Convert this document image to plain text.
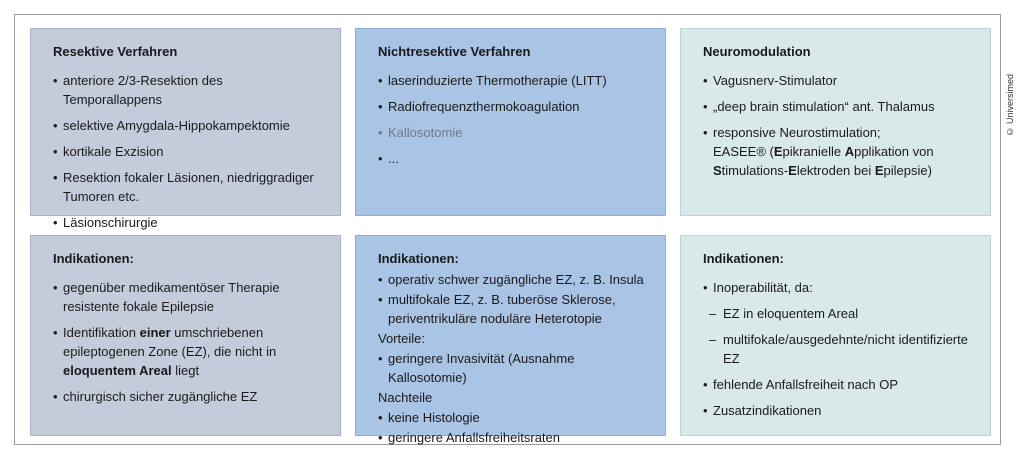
Resektive Verfahren
• anteriore 2/3-Resektion des Temporallappens
• selektive Amygdala-Hippokampektomie
• kortikale Exzision
• Resektion fokaler Läsionen, niedriggradiger Tumoren etc.
• Läsionschirurgie
Nichtresektive Verfahren
• laserinduzierte Thermotherapie (LITT)
• Radiofrequenzthermokoagulation
• Kallosotomie
• ...
Neuromodulation
• Vagusnerv-Stimulator
• „deep brain stimulation“ ant. Thalamus
• responsive Neurostimulation;
EASEE® (Epikranielle Applikation von
Stimulations-Elektroden bei Epilepsie)
Indikationen:
• gegenüber medikamentöser Therapie resistente fokale Epilepsie
• Identifikation einer umschriebenen epileptogenen Zone (EZ), die nicht in eloquentem Areal liegt
• chirurgisch sicher zugängliche EZ
Indikationen:
• operativ schwer zugängliche EZ, z. B. Insula
• multifokale EZ, z. B. tuberöse Sklerose, periventrikuläre noduläre Heterotopie
Vorteile:
• geringere Invasivität (Ausnahme Kallosotomie)
Nachteile
• keine Histologie
• geringere Anfallsfreiheitsraten
Indikationen:
• Inoperabilität, da:
– EZ in eloquentem Areal
– multifokale/ausgedehnte/nicht identifizierte EZ
• fehlende Anfallsfreiheit nach OP
• Zusatzindikationen
© Universimed
